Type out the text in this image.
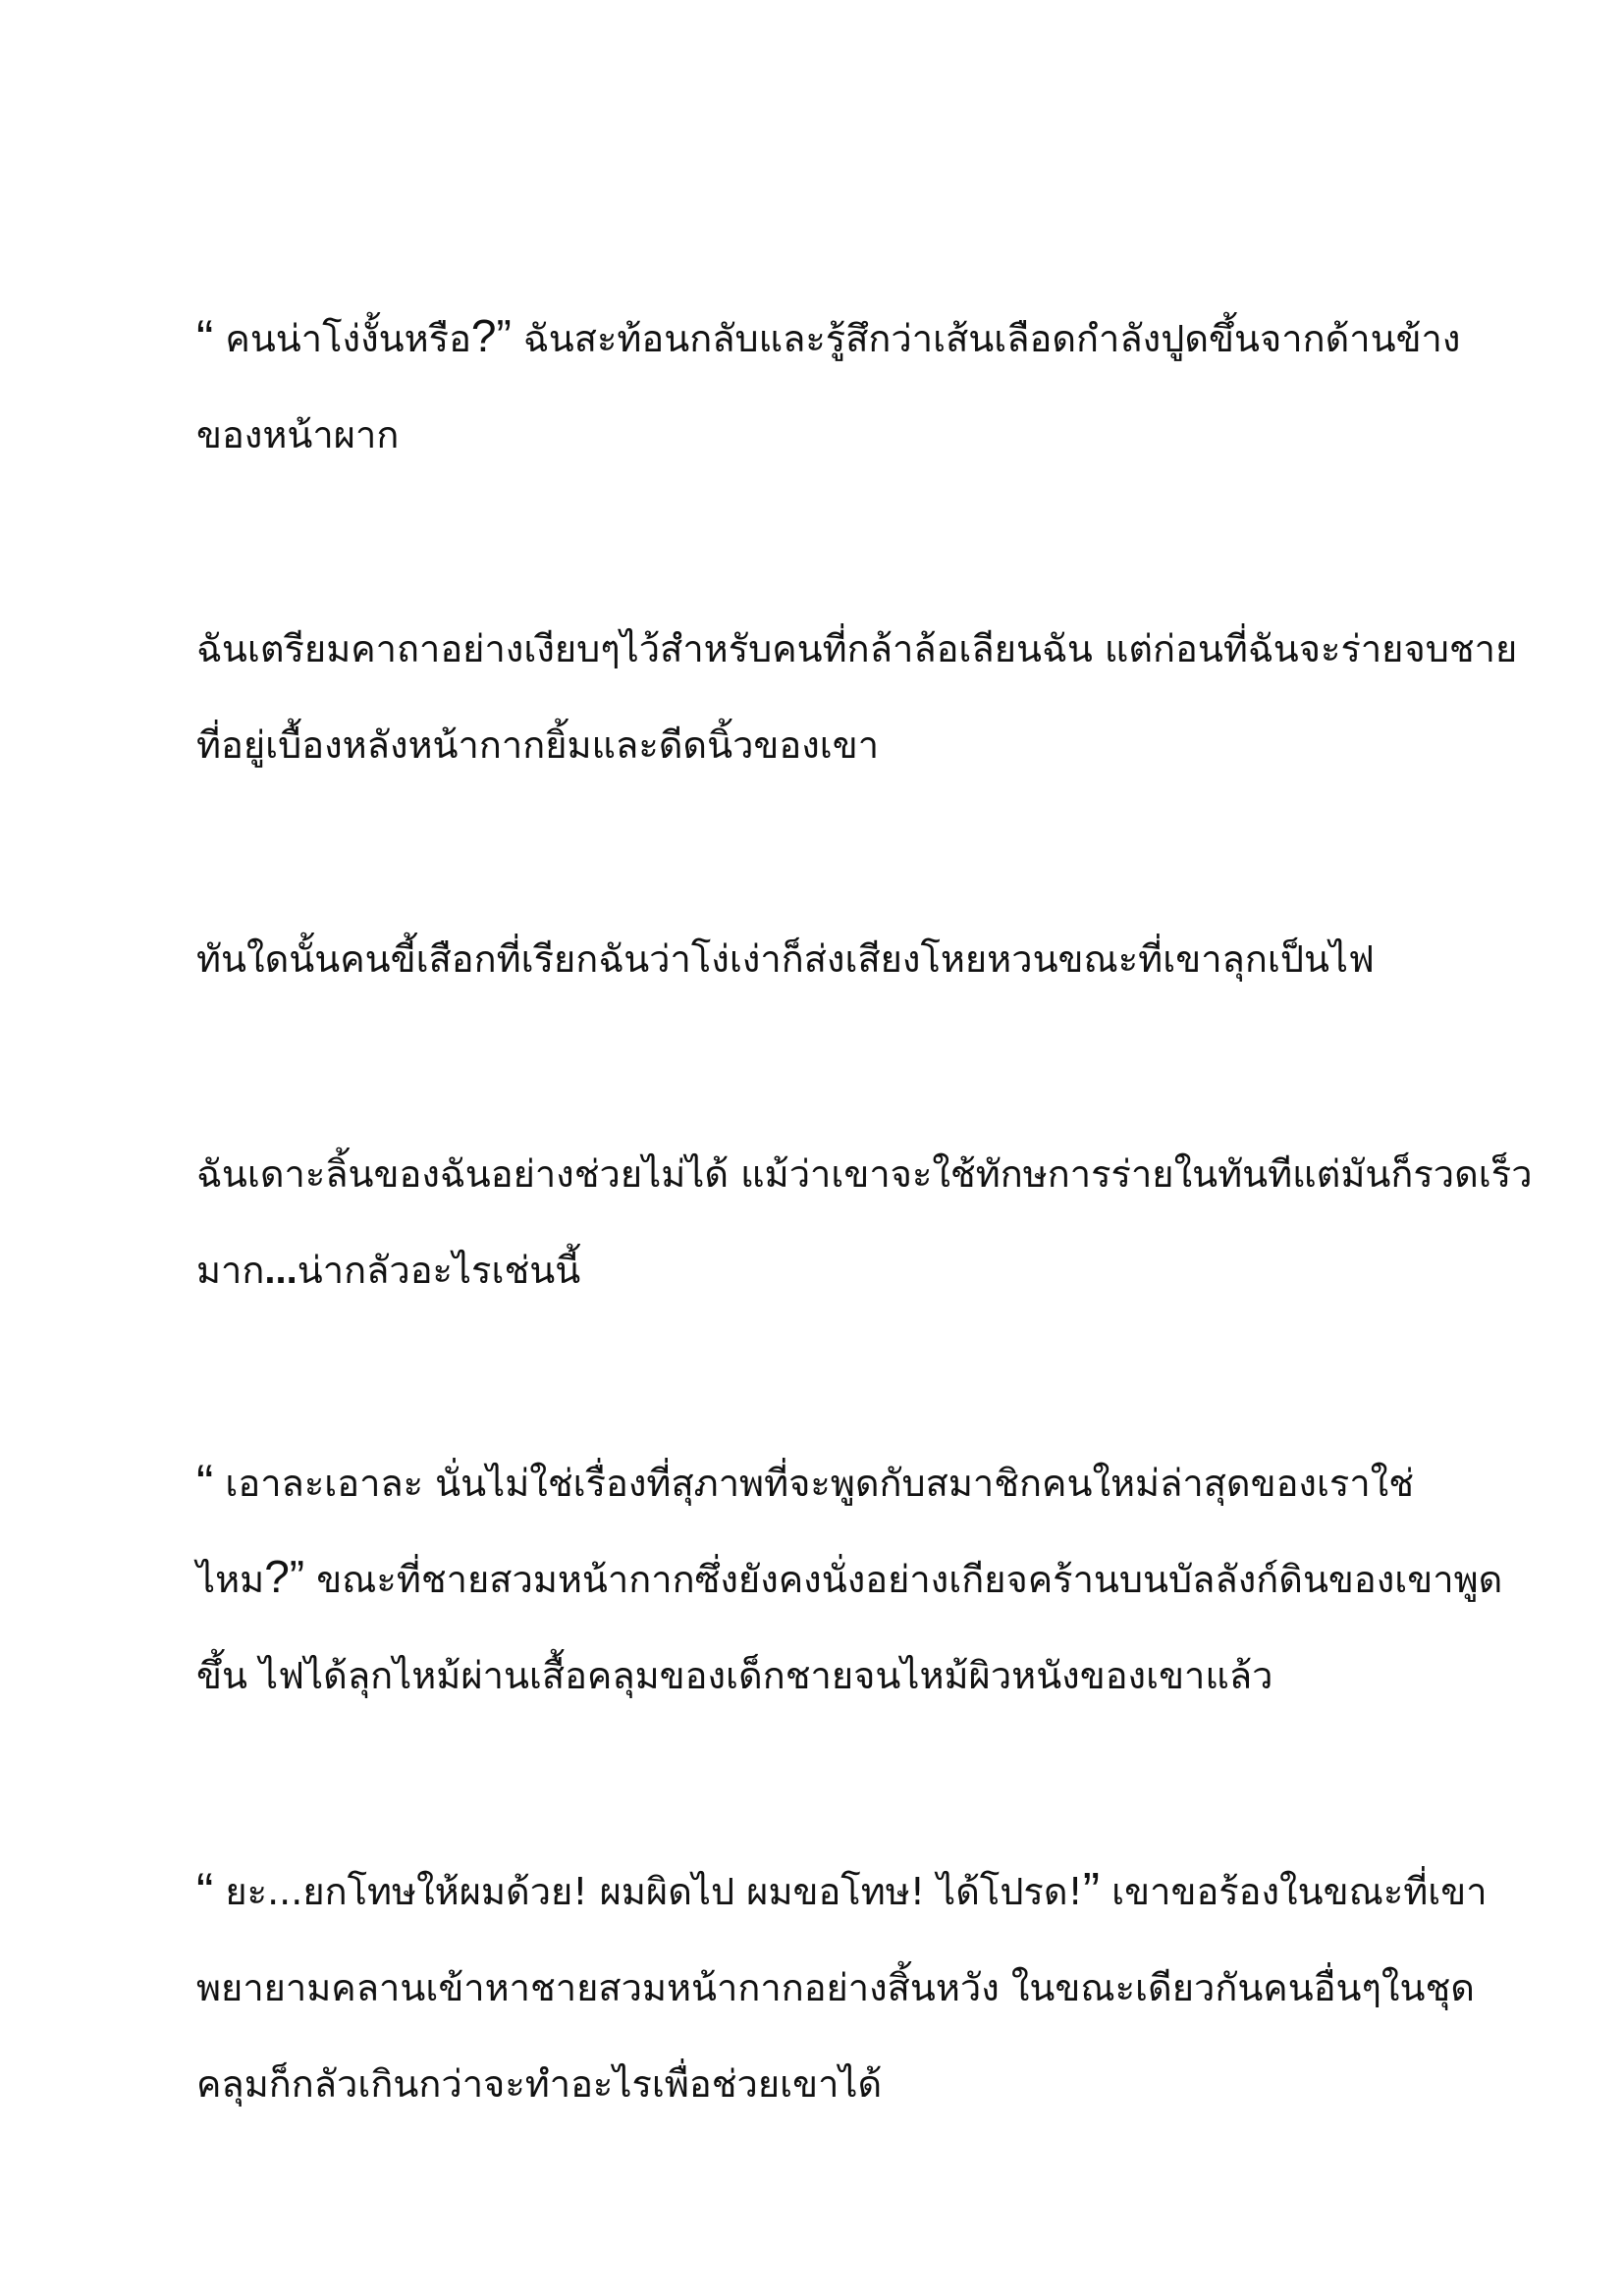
“ คนน่าโง่งั้นหรือ?” ฉันสะท้อนกลับและรู้สึกว่าเส้นเลือดกำลังปูดขึ้นจากด้านข้าง
ของหน้าผาก

ฉันเตรียมคาถาอย่างเงียบๆไว้สำหรับคนที่กล้าล้อเลียนฉัน แต่ก่อนที่ฉันจะร่ายจบชาย
ที่อยู่เบื้องหลังหน้ากากยิ้มและดีดนิ้วของเขา

ทันใดนั้นคนขี้เสือกที่เรียกฉันว่าโง่เง่าก็ส่งเสียงโหยหวนขณะที่เขาลุกเป็นไฟ

ฉันเดาะลิ้นของฉันอย่างช่วยไม่ได้ แม้ว่าเขาจะใช้ทักษการร่ายในทันทีแต่มันก็รวดเร็ว
มาก...น่ากลัวอะไรเช่นนี้

“ เอาละเอาละ นั่นไม่ใช่เรื่องที่สุภาพที่จะพูดกับสมาชิกคนใหม่ล่าสุดของเราใช่
ไหม?” ขณะที่ชายสวมหน้ากากซึ่งยังคงนั่งอย่างเกียจคร้านบนบัลลังก์ดินของเขาพูด
ขึ้น ไฟได้ลุกไหม้ผ่านเสื้อคลุมของเด็กชายจนไหม้ผิวหนังของเขาแล้ว

“ ยะ...ยกโทษให้ผมด้วย! ผมผิดไป ผมขอโทษ! ได้โปรด!” เขาขอร้องในขณะที่เขา
พยายามคลานเข้าหาชายสวมหน้ากากอย่างสิ้นหวัง ในขณะเดียวกันคนอื่นๆในชุด
คลุมก็กลัวเกินกว่าจะทำอะไรเพื่อช่วยเขาได้
